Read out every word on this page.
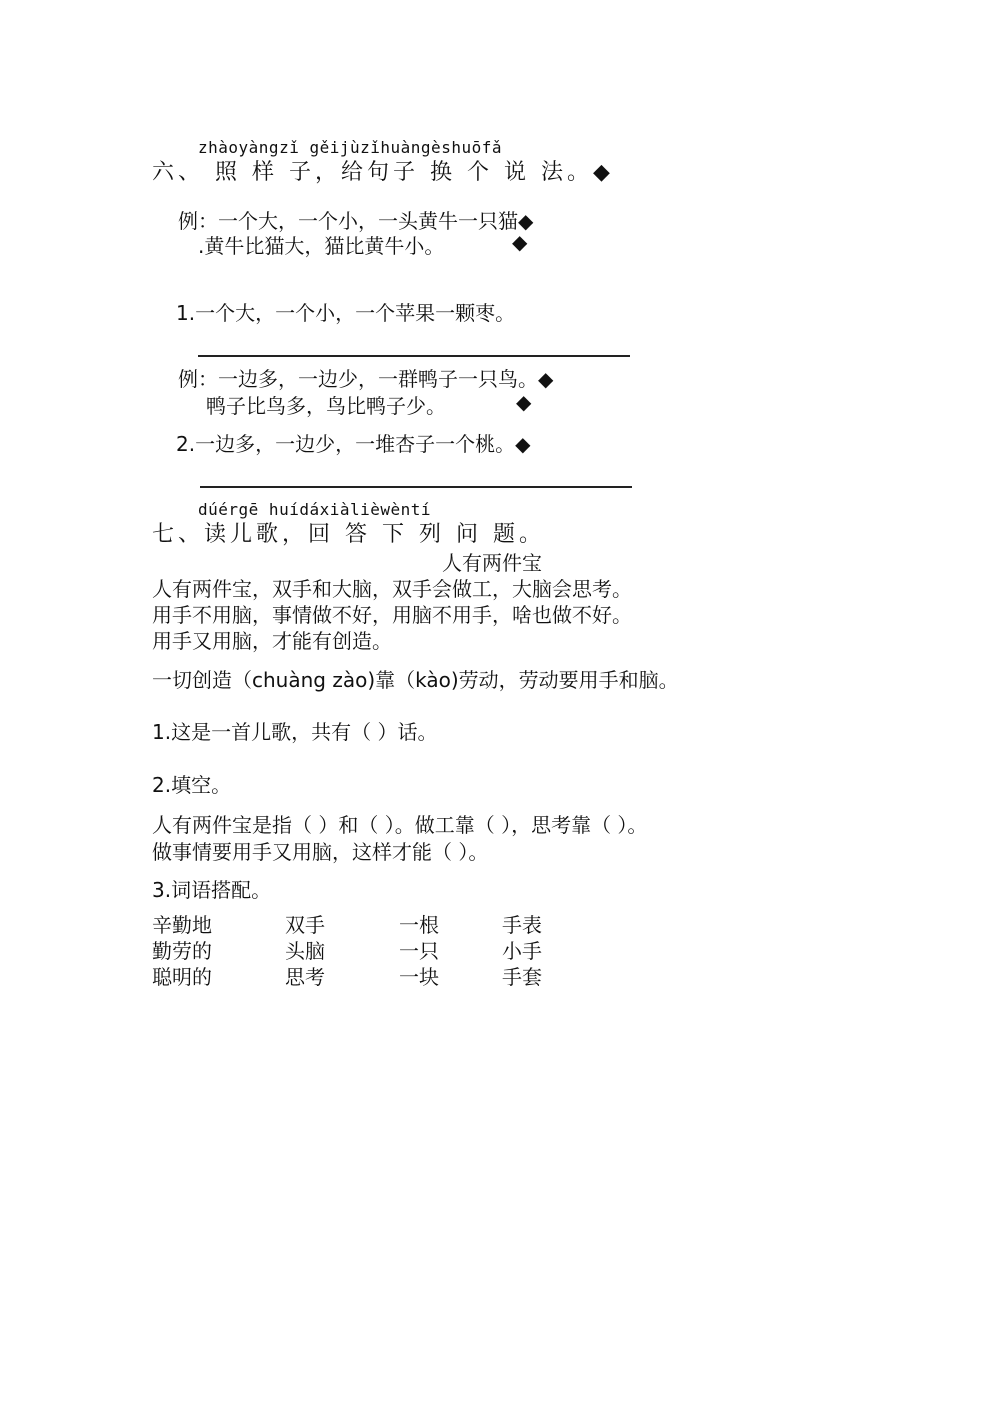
zhàoyàngzǐ gěijùzǐhuàngèshuōfǎ
六、 照 样 子，给句子 换 个 说 法。◆
例：一个大，一个小，一头黄牛一只猫◆
.黄牛比猫大，猫比黄牛小。	◆
1.一个大，一个小，一个苹果一颗枣。
例：一边多，一边少，一群鸭子一只鸟。◆
鸭子比鸟多，鸟比鸭子少。	◆
2.一边多，一边少，一堆杏子一个桃。◆
dúérgē huídáxiàlièwèntí
七、读儿歌，回 答 下 列 问 题。
人有两件宝
人有两件宝，双手和大脑，双手会做工，大脑会思考。
用手不用脑，事情做不好，用脑不用手，啥也做不好。
用手又用脑，才能有创造。
一切创造（chuàng zào)靠（kào)劳动，劳动要用手和脑。
1.这是一首儿歌，共有（ ）话。
2.填空。
人有两件宝是指（ ）和（ ）。做工靠（ ），思考靠（ ）。
做事情要用手又用脑，这样才能（ ）。
3.词语搭配。
辛勤地
勤劳的
聪明的
双手
头脑
思考
一根
一只
一块
手表
小手
手套
